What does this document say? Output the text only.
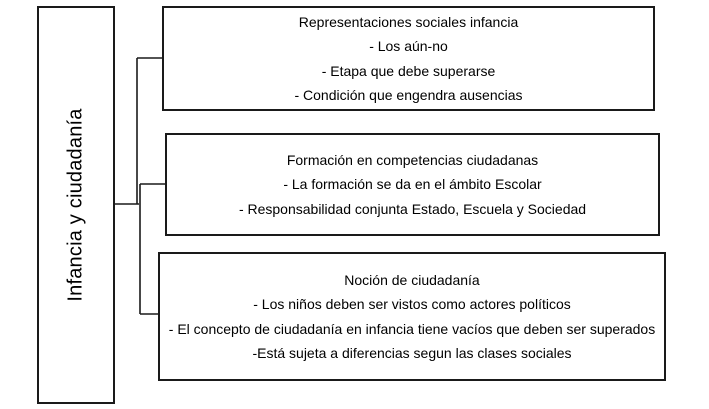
Infancia y ciudadanía
Representaciones sociales infancia
- Los aún-no
- Etapa que debe superarse
- Condición que engendra ausencias
Formación en competencias ciudadanas
- La formación se da en el ámbito Escolar
- Responsabilidad conjunta Estado, Escuela y Sociedad
Noción de ciudadanía
- Los niños deben ser vistos como actores políticos
- El concepto de ciudadanía en infancia tiene vacíos que deben ser superados
-Está sujeta a diferencias segun las clases sociales
